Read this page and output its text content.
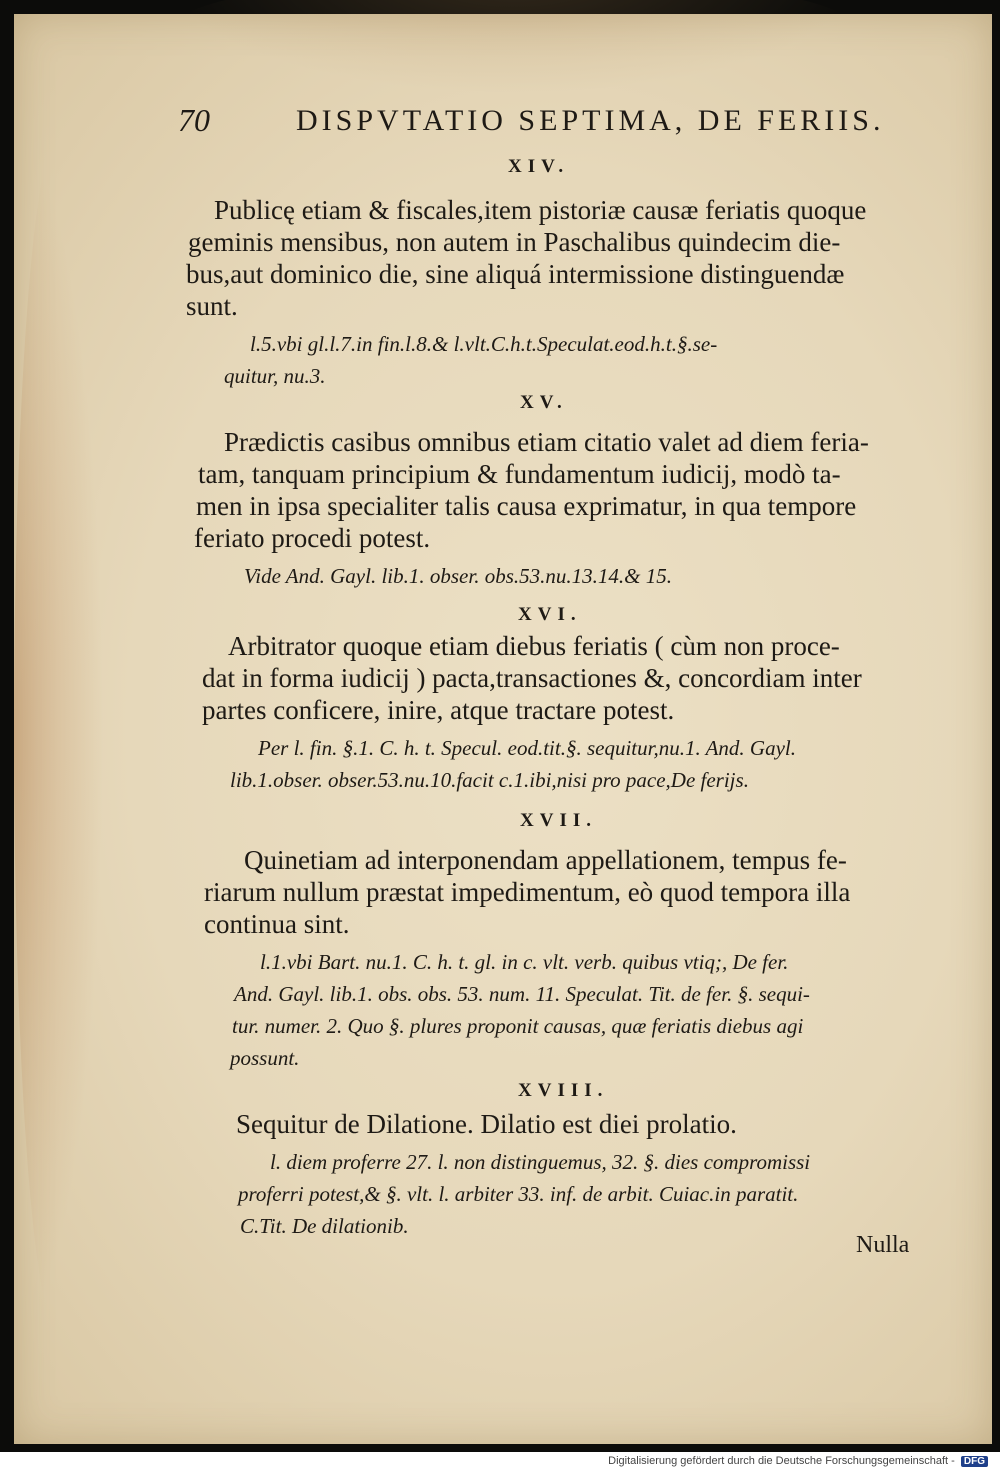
70	DISPVTATIO SEPTIMA, DE FERIIS.

XIV.

Publicę etiam & fiscales,item pistoriæ causæ feriatis quoque

geminis mensibus, non autem in Paschalibus quindecim die-

bus,aut dominico die, sine aliquá intermissione distinguendæ

sunt.

l.5.vbi gl.l.7.in fin.l.8.& l.vlt.C.h.t.Speculat.eod.h.t.§.se-

quitur, nu.3.

XV.

Prædictis casibus omnibus etiam citatio valet ad diem feria-

tam, tanquam principium & fundamentum iudicij, modò ta-

men in ipsa specialiter talis causa exprimatur, in qua tempore

feriato procedi potest.

Vide And. Gayl. lib.1. obser. obs.53.nu.13.14.& 15.

XVI.

Arbitrator quoque etiam diebus feriatis ( cùm non proce-

dat in forma iudicij ) pacta,transactiones &, concordiam inter

partes conficere, inire, atque tractare potest.

Per l. fin. §.1. C. h. t. Specul. eod.tit.§. sequitur,nu.1. And. Gayl.

lib.1.obser. obser.53.nu.10.facit c.1.ibi,nisi pro pace,De ferijs.

XVII.

Quinetiam ad interponendam appellationem, tempus fe-

riarum nullum præstat impedimentum, eò quod tempora illa

continua sint.

l.1.vbi Bart. nu.1. C. h. t. gl. in c. vlt. verb. quibus vtiq;, De fer.

And. Gayl. lib.1. obs. obs. 53. num. 11. Speculat. Tit. de fer. §. sequi-

tur. numer. 2. Quo §. plures proponit causas, quæ feriatis diebus agi

possunt.

XVIII.

Sequitur de Dilatione. Dilatio est diei prolatio.

l. diem proferre 27. l. non distinguemus, 32. §. dies compromissi

proferri potest,& §. vlt. l. arbiter 33. inf. de arbit. Cuiac.in paratit.

C.Tit. De dilationib.

Nulla

Digitalisierung gefördert durch die Deutsche Forschungsgemeinschaft - DFG
